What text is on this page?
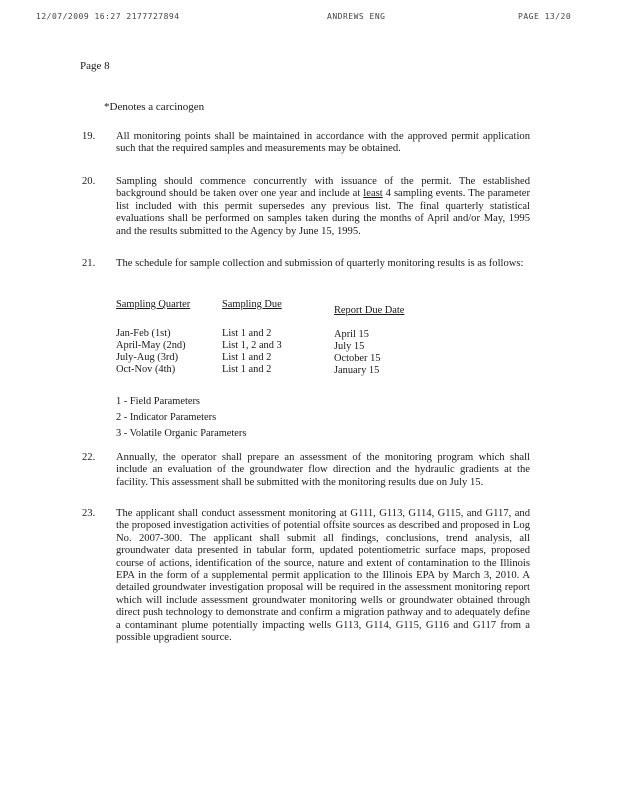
12/07/2009 16:27 2177727894	ANDREWS ENG	PAGE 13/20
Page 8
*Denotes a carcinogen
19. All monitoring points shall be maintained in accordance with the approved permit application such that the required samples and measurements may be obtained.
20. Sampling should commence concurrently with issuance of the permit. The established background should be taken over one year and include at least 4 sampling events. The parameter list included with this permit supersedes any previous list. The final quarterly statistical evaluations shall be performed on samples taken during the months of April and/or May, 1995 and the results submitted to the Agency by June 15, 1995.
21. The schedule for sample collection and submission of quarterly monitoring results is as follows:
Sampling Quarter
Jan-Feb (1st)
April-May (2nd)
July-Aug (3rd)
Oct-Nov (4th)
Sampling Due
List 1 and 2
List 1, 2 and 3
List 1 and 2
List 1 and 2
Report Due Date
April 15
July 15
October 15
January 15
1 - Field Parameters
2 - Indicator Parameters
3 - Volatile Organic Parameters
22. Annually, the operator shall prepare an assessment of the monitoring program which shall include an evaluation of the groundwater flow direction and the hydraulic gradients at the facility. This assessment shall be submitted with the monitoring results due on July 15.
23. The applicant shall conduct assessment monitoring at G111, G113, G114, G115, and G117, and the proposed investigation activities of potential offsite sources as described and proposed in Log No. 2007-300. The applicant shall submit all findings, conclusions, trend analysis, all groundwater data presented in tabular form, updated potentiometric surface maps, proposed course of actions, identification of the source, nature and extent of contamination to the Illinois EPA in the form of a supplemental permit application to the Illinois EPA by March 3, 2010. A detailed groundwater investigation proposal will be required in the assessment monitoring report which will include assessment groundwater monitoring wells or groundwater obtained through direct push technology to demonstrate and confirm a migration pathway and to adequately define a contaminant plume potentially impacting wells G113, G114, G115, G116 and G117 from a possible upgradient source.
